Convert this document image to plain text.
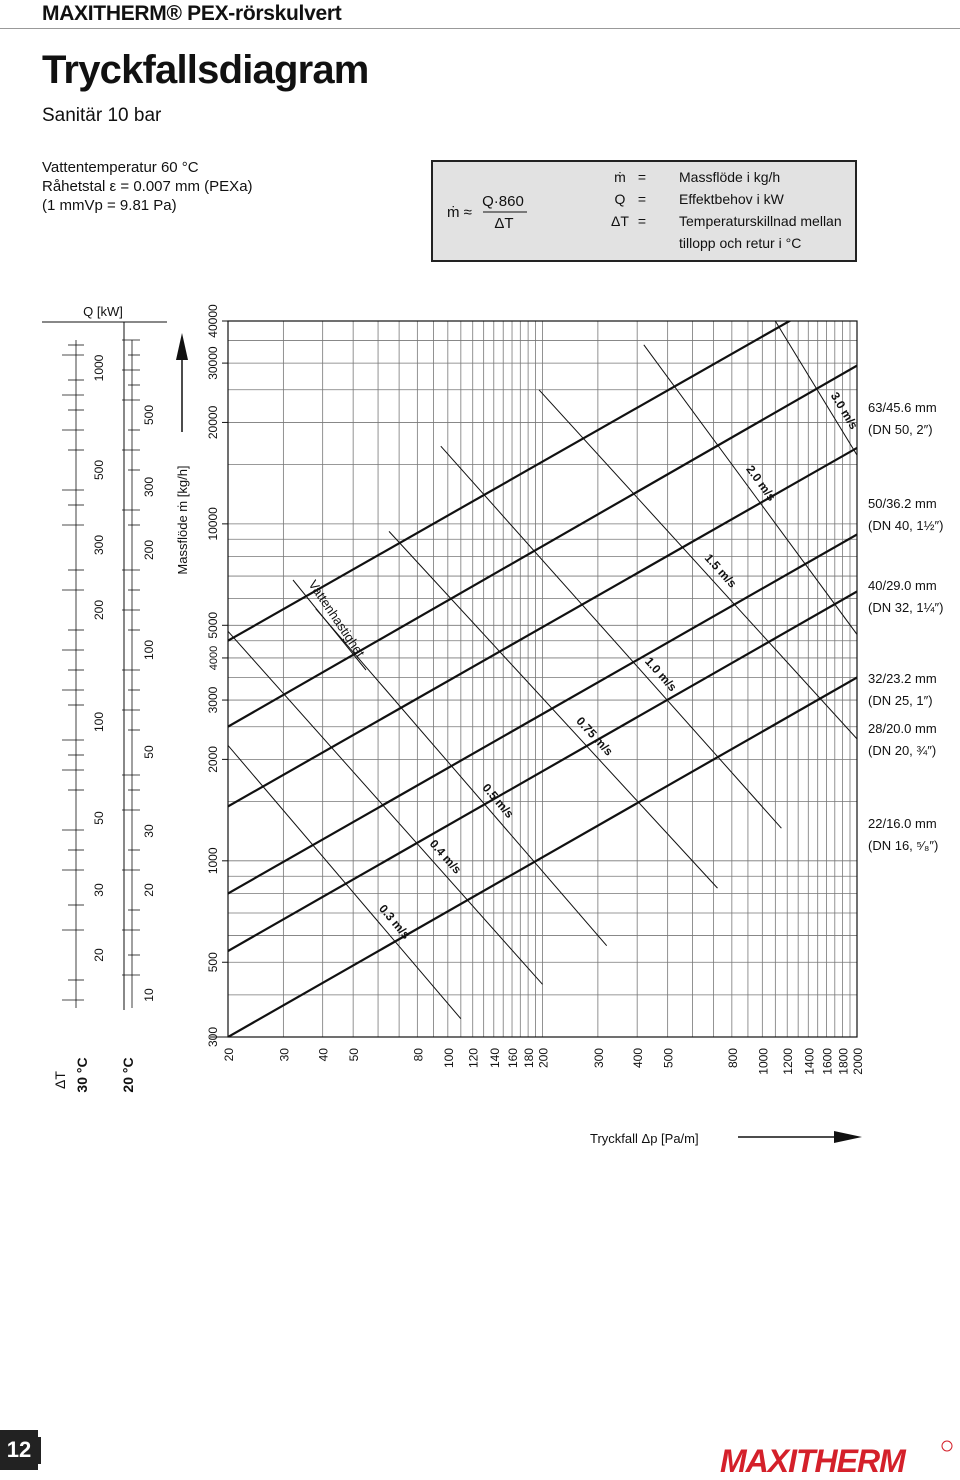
MAXITHERM® PEX-rörskulvert
Tryckfallsdiagram
Sanitär 10 bar
Vattentemperatur 60 °C
Råhetstal ε = 0.007 mm (PEXa)
(1 mmVp = 9.81 Pa)	ṁ ≈
Q·860
ΔT
ṁ = Massflöde i kg/h
Q = Effektbehov i kW
ΔT = Temperaturskillnad mellan
tillopp och retur i °C
0.3 m/s
0.4 m/s
0.5 m/s
0.75 m/s
1.0 m/s
1.5 m/s
2.0 m/s
3.0 m/s
Vattenhastighet
22/16.0 mm
(DN 16, ⁵⁄₈″)
28/20.0 mm
(DN 20, ¾″)
32/23.2 mm
(DN 25, 1″)
40/29.0 mm
(DN 32, 1¼″)
50/36.2 mm
(DN 40, 1½″)
63/45.6 mm
(DN 50, 2″)
20	30 40 50	80 100 120 140 160 180 200	300 400 500	800 1000 1200 1400 1600 1800 2000
Tryckfall Δp [Pa/m]
300
500
1000
2000
3000
4000
5000
10000
20000
30000
40000
Massflöde ṁ [kg/h]
Q [kW]
20
30
50
100
200
300
500
1000
10
20
30
50
100
200
300
500
ΔT 30 °C 20 °C
MAXITHERM
12
